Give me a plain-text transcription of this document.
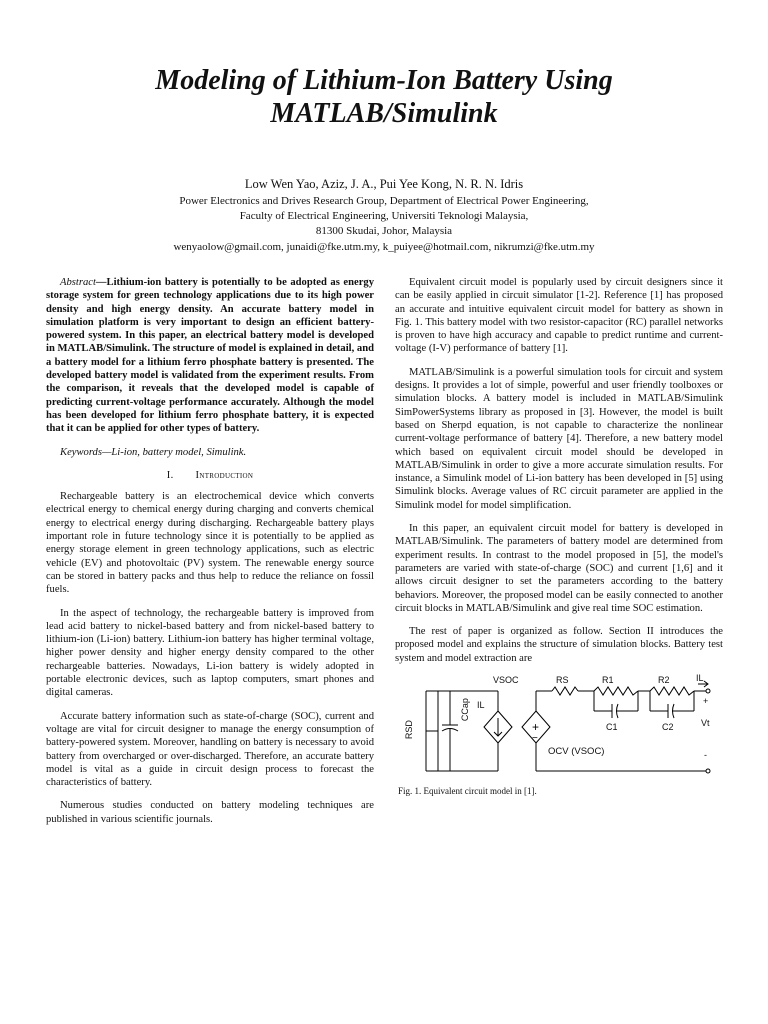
Modeling of Lithium-Ion Battery Using
MATLAB/Simulink
Low Wen Yao, Aziz, J. A., Pui Yee Kong, N. R. N. Idris
Power Electronics and Drives Research Group, Department of Electrical Power Engineering,
Faculty of Electrical Engineering, Universiti Teknologi Malaysia,
81300 Skudai, Johor, Malaysia
wenyaolow@gmail.com, junaidi@fke.utm.my, k_puiyee@hotmail.com, nikrumzi@fke.utm.my

Abstract—Lithium-ion battery is potentially to be adopted as energy storage system for green technology applications due to its high power density and high energy density. An accurate battery model in simulation platform is very important to design an efficient battery-powered system. In this paper, an electrical battery model is developed in MATLAB/Simulink. The structure of model is explained in detail, and a battery model for a lithium ferro phosphate battery is presented. The developed battery model is validated from the experiment results. From the comparison, it reveals that the developed model is capable of predicting current-voltage performance accurately. Although the model has been developed for lithium ferro phosphate battery, it is expected that it can be applied for other types of battery.

Keywords—Li-ion, battery model, Simulink.

I. Introduction

Rechargeable battery is an electrochemical device which converts electrical energy to chemical energy during charging and converts chemical energy to electrical energy during discharging. Rechargeable battery plays important role in future technology since it is potentially to be applied as energy storage element in green technology applications, such as electric vehicle (EV) and photovoltaic (PV) system. The renewable energy source can be stored in battery packs and thus help to reduce the reliance on fossil fuels.

In the aspect of technology, the rechargeable battery is improved from lead acid battery to nickel-based battery and from nickel-based battery to lithium-ion (Li-ion) battery. Lithium-ion battery has higher terminal voltage, higher power density and higher energy density compared to the other rechargeable batteries. Nowadays, Li-ion battery is widely adopted in portable electronic devices, such as laptop computers, smart phones and digital cameras.

Accurate battery information such as state-of-charge (SOC), current and voltage are vital for circuit designer to manage the energy consumption of battery-powered system. Moreover, handling on battery is necessary to avoid battery from overcharged or over-discharged. Therefore, an accurate battery model is vital as a guide in circuit design process to forecast the characteristics of battery.

Numerous studies conducted on battery modeling techniques are published in various scientific journals.

Equivalent circuit model is popularly used by circuit designers since it can be easily applied in circuit simulator [1-2]. Reference [1] has proposed an accurate and intuitive equivalent circuit model for battery as shown in Fig. 1. This battery model with two resistor-capacitor (RC) parallel networks is proven to have high accuracy and capable to predict runtime and current-voltage (I-V) performance of battery [1].

MATLAB/Simulink is a powerful simulation tools for circuit and system designs. It provides a lot of simple, powerful and user friendly toolboxes or simulation blocks. A battery model is included in MATLAB/Simulink SimPowerSystems library as proposed in [3]. However, the model is built based on Sherpd equation, is not capable to characterize the nonlinear current-voltage performance of battery [4]. Therefore, a new battery model which based on equivalent circuit model should be developed in MATLAB/Simulink in order to give a more accurate simulation results. For instance, a Simulink model of Li-ion battery has been developed in [5] using Simulink blocks. Average values of RC circuit parameter are applied in the Simulink model for model simplification.

In this paper, an equivalent circuit model for battery is developed in MATLAB/Simulink. The parameters of battery model are determined from experiment results. In contrast to the model proposed in [5], the model's parameters are varied with state-of-charge (SOC) and current [1,6] and it allows circuit designer to set the parameters according to the battery behaviors. Moreover, the proposed model can be easily connected to another circuit blocks in MATLAB/Simulink and give real time SOC estimation.

The rest of paper is organized as follow. Section II introduces the proposed model and explains the structure of simulation blocks. Battery test system and model extraction are

+
−
VSOC	RS	R1	R2	IL
RSD
CCap IL
C1	C2
+
Vt
-
OCV (VSOC)
Fig. 1. Equivalent circuit model in [1].
